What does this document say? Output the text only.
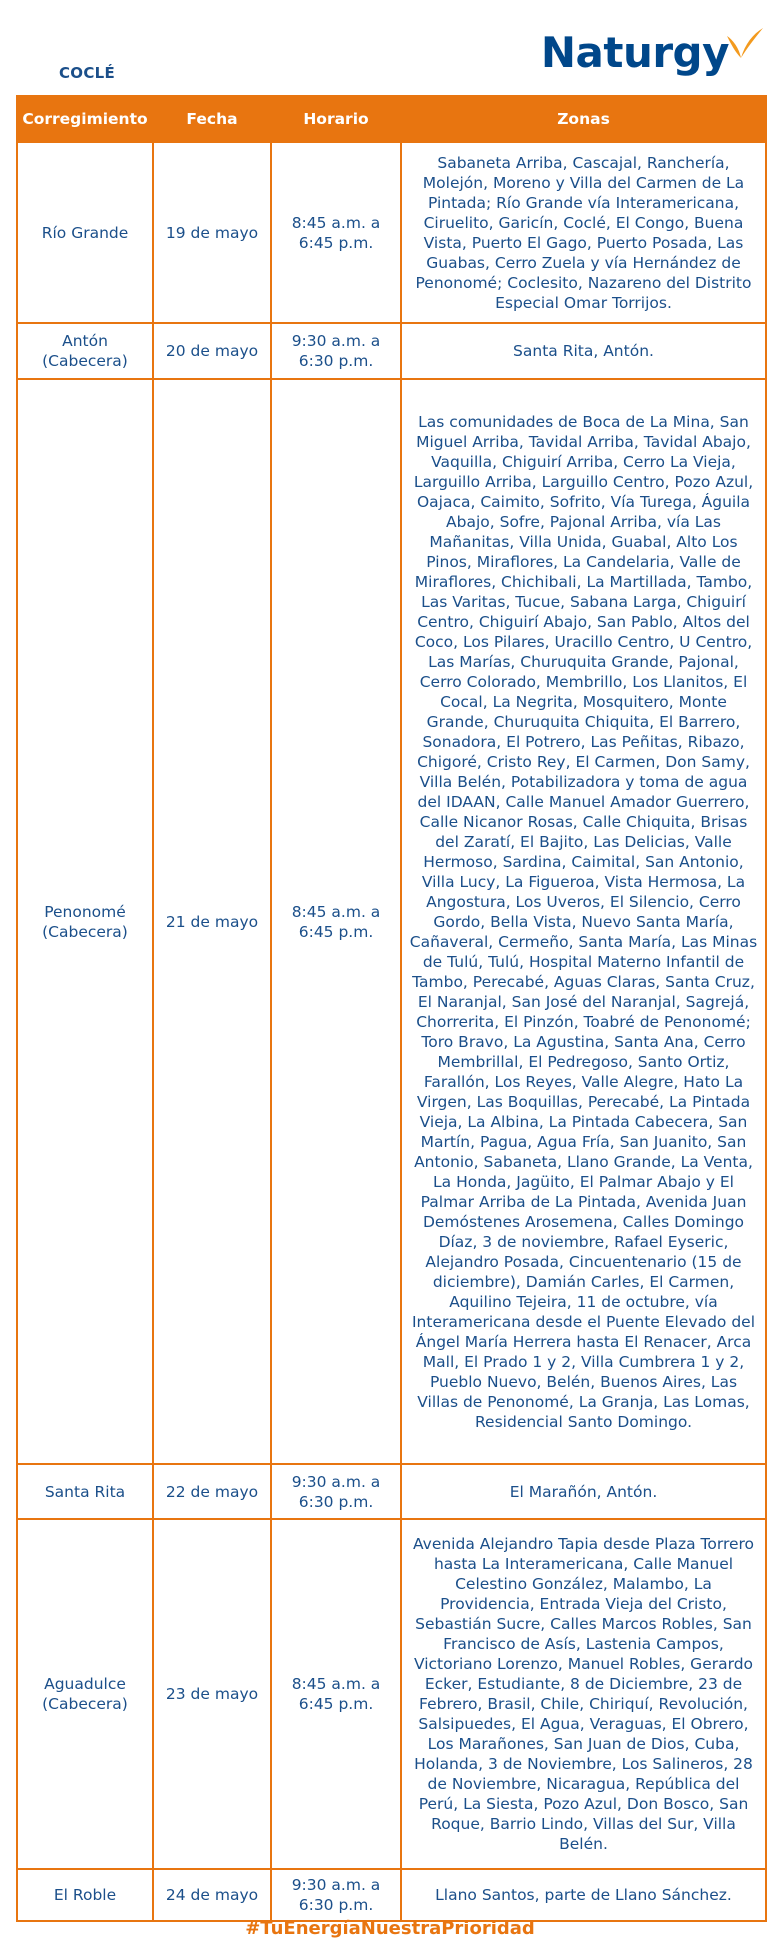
COCLÉ	Naturgy
Corregimiento	Fecha	Horario	Zonas
Río Grande	19 de mayo	8:45 a.m. a 6:45 p.m.	Sabaneta Arriba, Cascajal, Ranchería, Molejón, Moreno y Villa del Carmen de La Pintada; Río Grande vía Interamericana, Ciruelito, Garicín, Coclé, El Congo, Buena Vista, Puerto El Gago, Puerto Posada, Las Guabas, Cerro Zuela y vía Hernández de Penonomé; Coclesito, Nazareno del Distrito Especial Omar Torrijos.
Antón (Cabecera)	20 de mayo	9:30 a.m. a 6:30 p.m.	Santa Rita, Antón.
Penonomé (Cabecera)	21 de mayo	8:45 a.m. a 6:45 p.m.	Las comunidades de Boca de La Mina, San Miguel Arriba, Tavidal Arriba, Tavidal Abajo, Vaquilla, Chiguirí Arriba, Cerro La Vieja, Larguillo Arriba, Larguillo Centro, Pozo Azul, Oajaca, Caimito, Sofrito, Vía Turega, Águila Abajo, Sofre, Pajonal Arriba, vía Las Mañanitas, Villa Unida, Guabal, Alto Los Pinos, Miraflores, La Candelaria, Valle de Miraflores, Chichibali, La Martillada, Tambo, Las Varitas, Tucue, Sabana Larga, Chiguirí Centro, Chiguirí Abajo, San Pablo, Altos del Coco, Los Pilares, Uracillo Centro, U Centro, Las Marías, Churuquita Grande, Pajonal, Cerro Colorado, Membrillo, Los Llanitos, El Cocal, La Negrita, Mosquitero, Monte Grande, Churuquita Chiquita, El Barrero, Sonadora, El Potrero, Las Peñitas, Ribazo, Chigoré, Cristo Rey, El Carmen, Don Samy, Villa Belén, Potabilizadora y toma de agua del IDAAN, Calle Manuel Amador Guerrero, Calle Nicanor Rosas, Calle Chiquita, Brisas del Zaratí, El Bajito, Las Delicias, Valle Hermoso, Sardina, Caimital, San Antonio, Villa Lucy, La Figueroa, Vista Hermosa, La Angostura, Los Uveros, El Silencio, Cerro Gordo, Bella Vista, Nuevo Santa María, Cañaveral, Cermeño, Santa María, Las Minas de Tulú, Tulú, Hospital Materno Infantil de Tambo, Perecabé, Aguas Claras, Santa Cruz, El Naranjal, San José del Naranjal, Sagrejá, Chorrerita, El Pinzón, Toabré de Penonomé; Toro Bravo, La Agustina, Santa Ana, Cerro Membrillal, El Pedregoso, Santo Ortiz, Farallón, Los Reyes, Valle Alegre, Hato La Virgen, Las Boquillas, Perecabé, La Pintada Vieja, La Albina, La Pintada Cabecera, San Martín, Pagua, Agua Fría, San Juanito, San Antonio, Sabaneta, Llano Grande, La Venta, La Honda, Jagüito, El Palmar Abajo y El Palmar Arriba de La Pintada, Avenida Juan Demóstenes Arosemena, Calles Domingo Díaz, 3 de noviembre, Rafael Eyseric, Alejandro Posada, Cincuentenario (15 de diciembre), Damián Carles, El Carmen, Aquilino Tejeira, 11 de octubre, vía Interamericana desde el Puente Elevado del Ángel María Herrera hasta El Renacer, Arca Mall, El Prado 1 y 2, Villa Cumbrera 1 y 2, Pueblo Nuevo, Belén, Buenos Aires, Las Villas de Penonomé, La Granja, Las Lomas, Residencial Santo Domingo.
Santa Rita	22 de mayo	9:30 a.m. a 6:30 p.m.	El Marañón, Antón.
Aguadulce (Cabecera)	23 de mayo	8:45 a.m. a 6:45 p.m.	Avenida Alejandro Tapia desde Plaza Torrero hasta La Interamericana, Calle Manuel Celestino González, Malambo, La Providencia, Entrada Vieja del Cristo, Sebastián Sucre, Calles Marcos Robles, San Francisco de Asís, Lastenia Campos, Victoriano Lorenzo, Manuel Robles, Gerardo Ecker, Estudiante, 8 de Diciembre, 23 de Febrero, Brasil, Chile, Chiriquí, Revolución, Salsipuedes, El Agua, Veraguas, El Obrero, Los Marañones, San Juan de Dios, Cuba, Holanda, 3 de Noviembre, Los Salineros, 28 de Noviembre, Nicaragua, República del Perú, La Siesta, Pozo Azul, Don Bosco, San Roque, Barrio Lindo, Villas del Sur, Villa Belén.
El Roble	24 de mayo	9:30 a.m. a 6:30 p.m.	Llano Santos, parte de Llano Sánchez.
#TuEnergíaNuestraPrioridad
